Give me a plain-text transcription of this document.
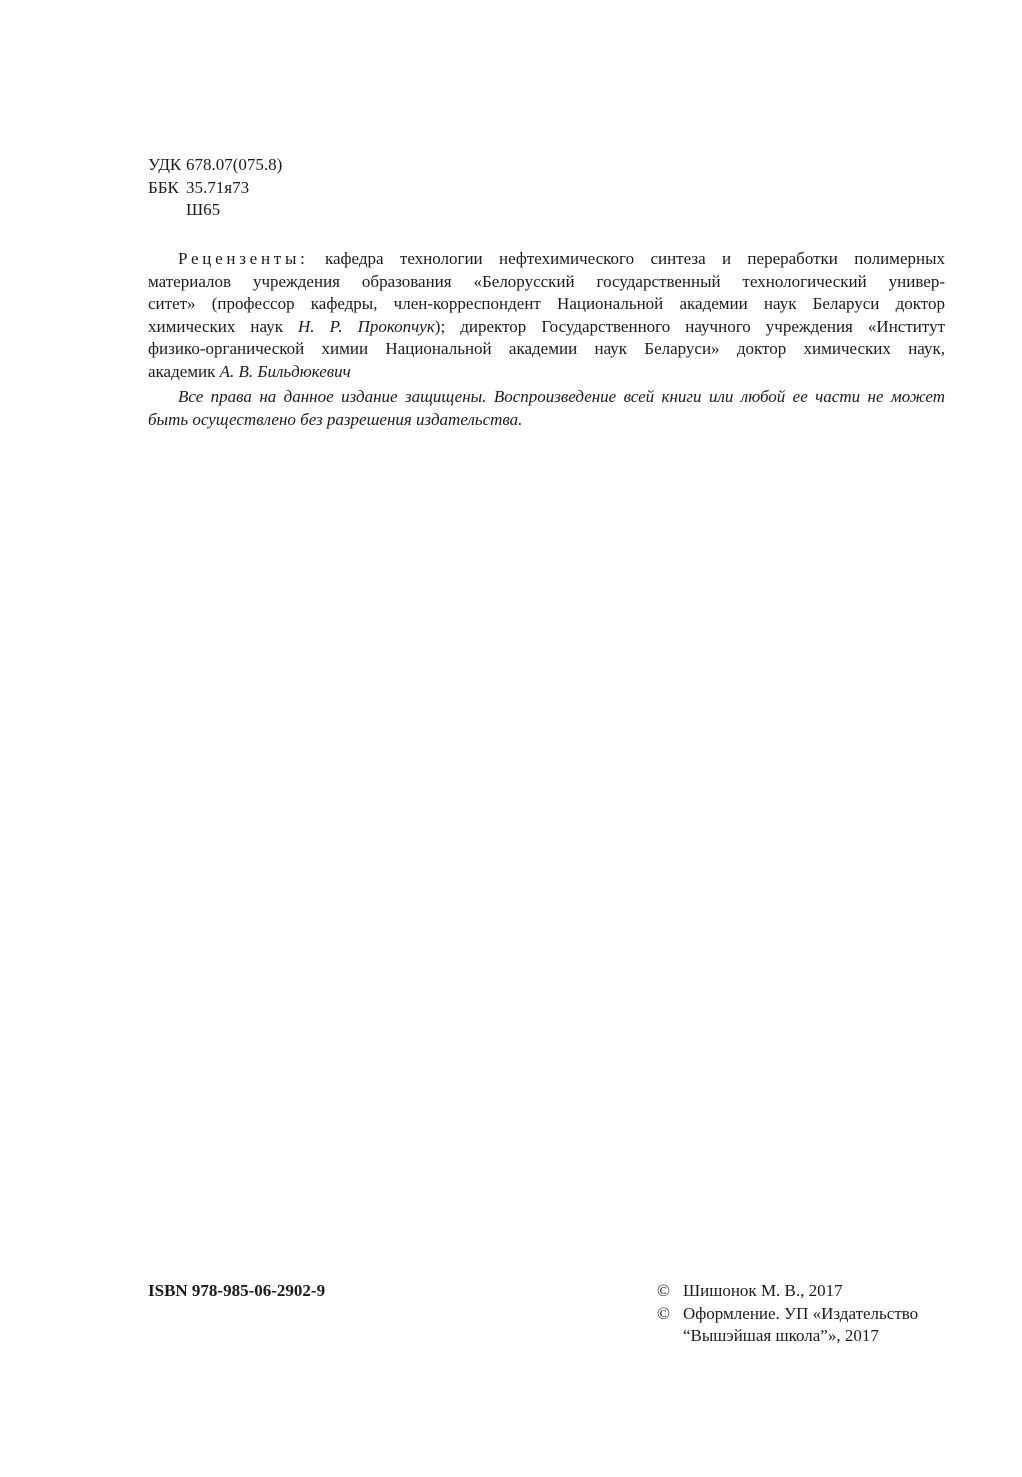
УДК 678.07(075.8)
ББК 35.71я73
Ш65
Рецензенты: кафедра технологии нефтехимического синтеза и переработки полимерных
материалов учреждения образования «Белорусский государственный технологический универ-
ситет» (профессор кафедры, член-корреспондент Национальной академии наук Беларуси доктор
химических наук Н. Р. Прокопчук); директор Государственного научного учреждения «Институт
физико-органической химии Национальной академии наук Беларуси» доктор химических наук,
академик А. В. Бильдюкевич
Все права на данное издание защищены. Воспроизведение всей книги или любой ее части не может
быть осуществлено без разрешения издательства.
ISBN 978-985-06-2902-9	© Шишонок М. В., 2017
© Оформление. УП «Издательство
“Вышэйшая школа”», 2017
